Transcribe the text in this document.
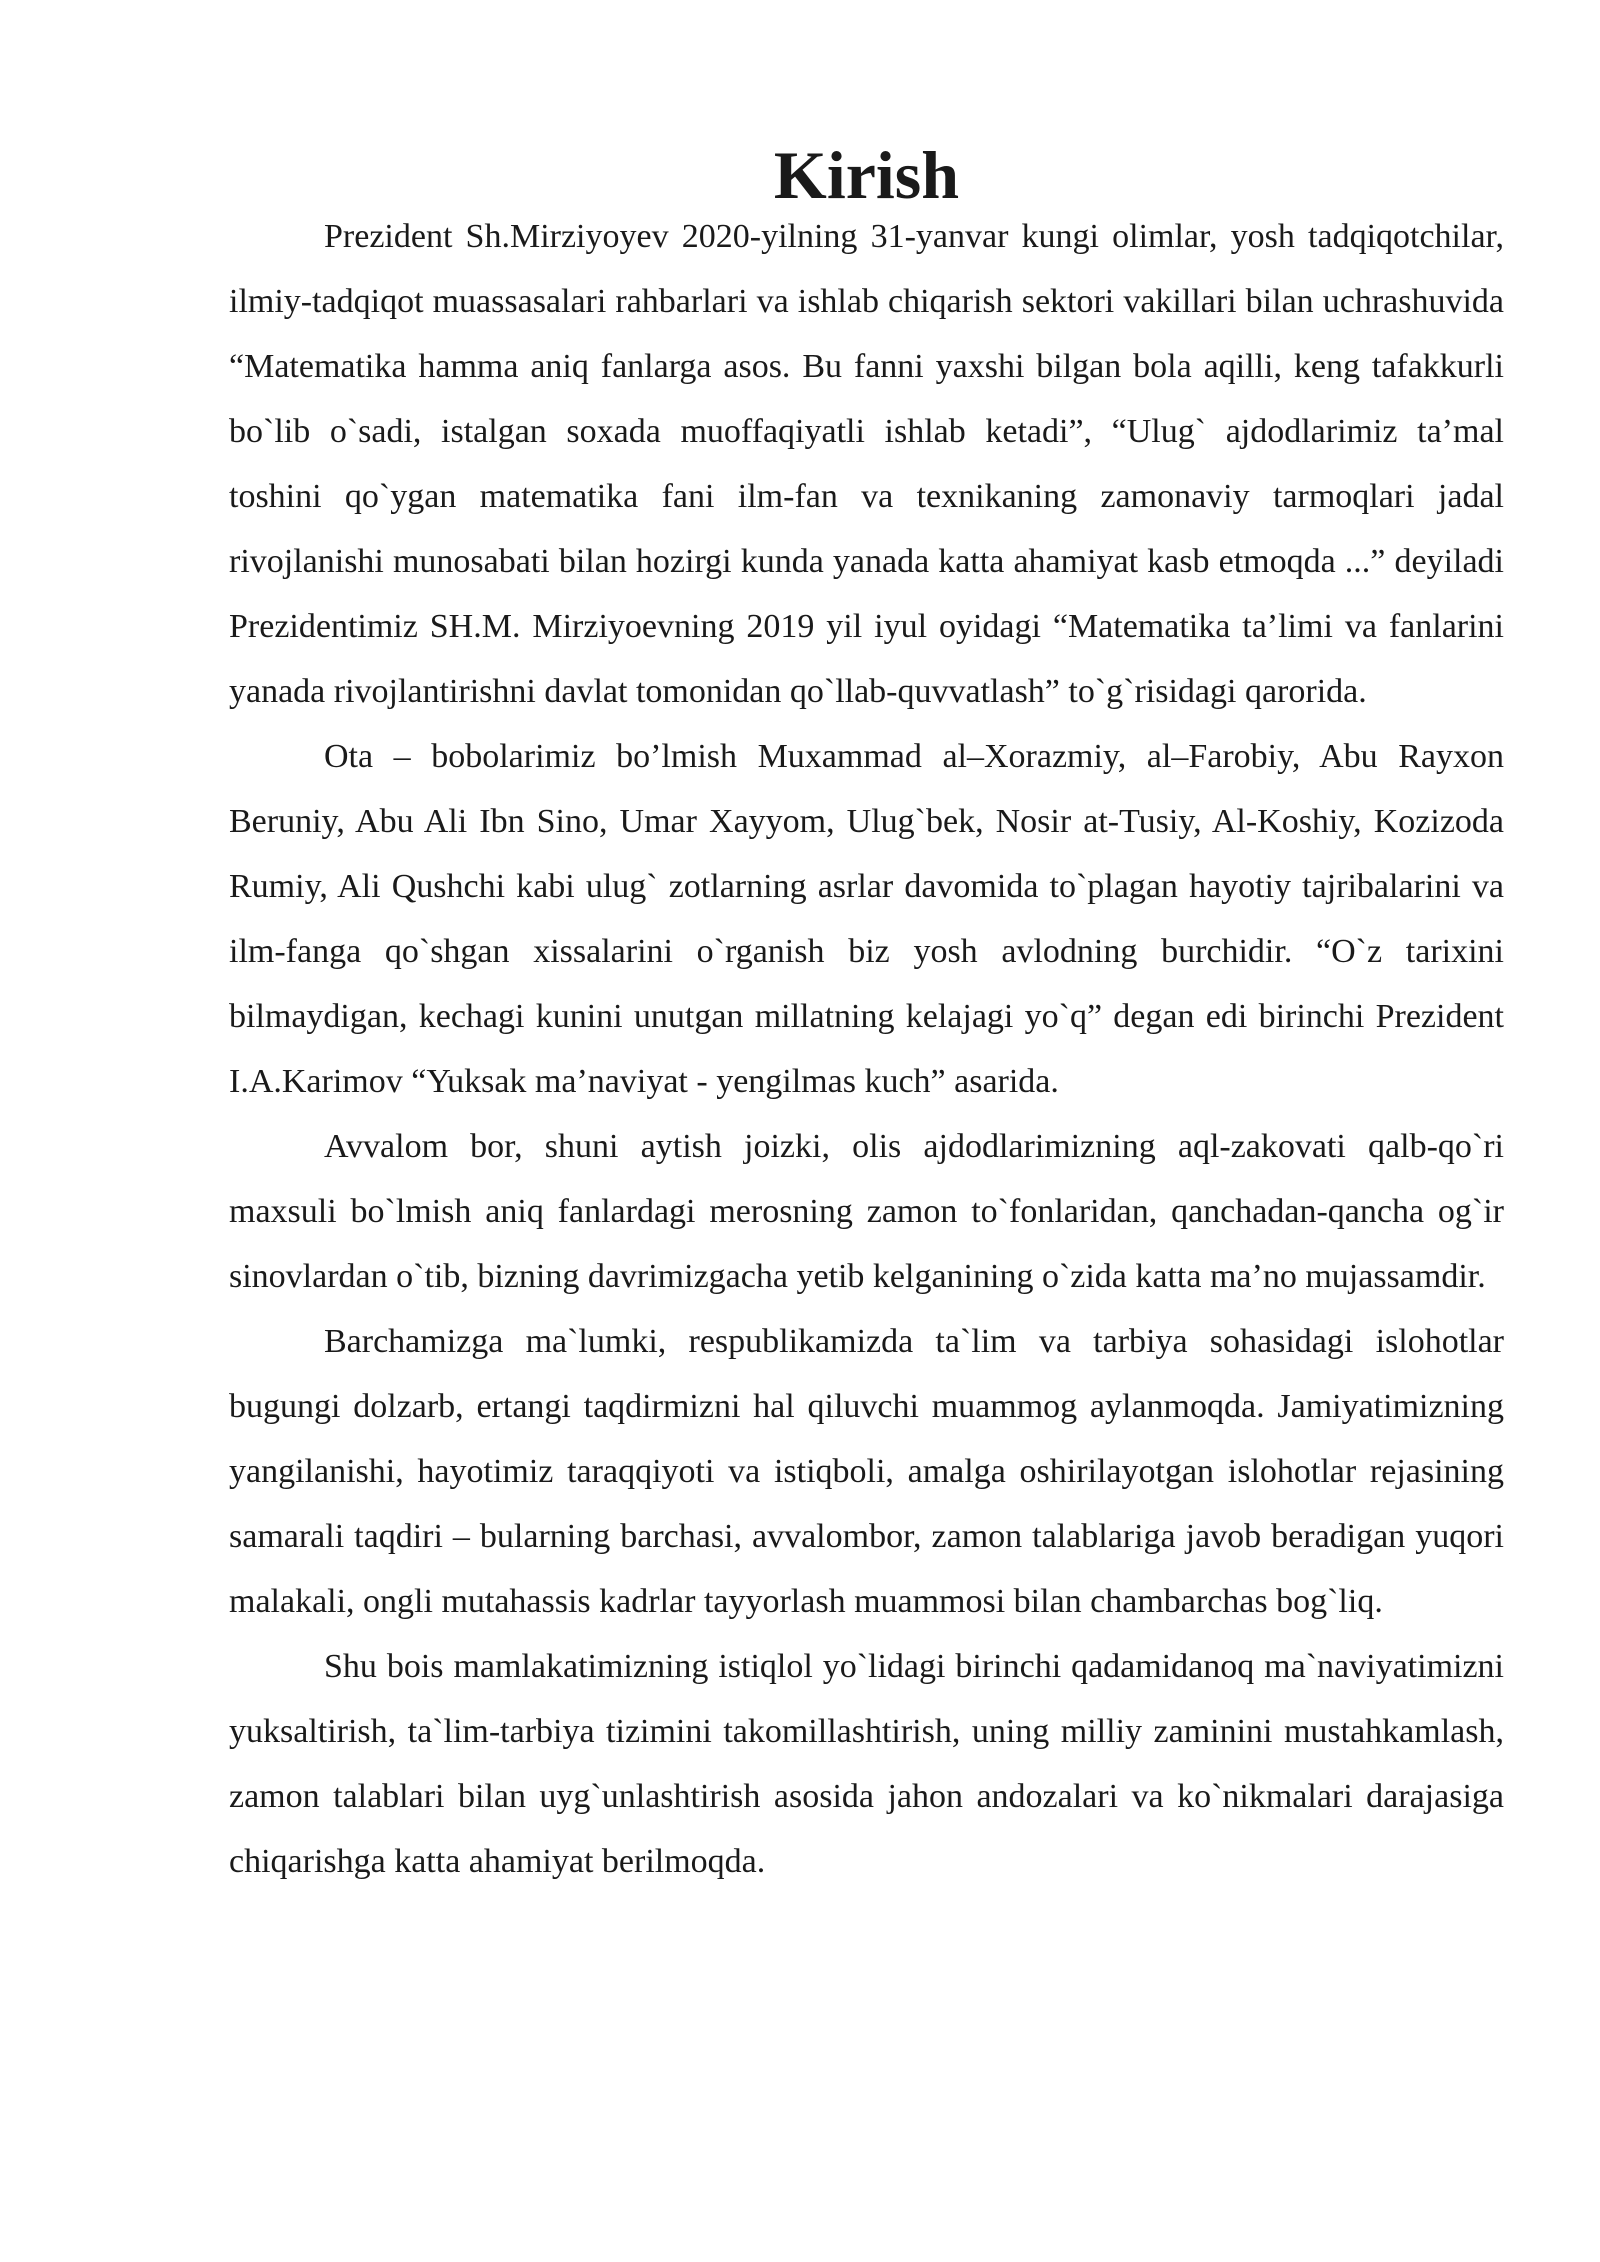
Kirish

Prezident Sh.Mirziyoyev 2020-yilning 31-yanvar kungi olimlar, yosh tadqiqotchilar, ilmiy-tadqiqot muassasalari rahbarlari va ishlab chiqarish sektori vakillari bilan uchrashuvida “Matematika hamma aniq fanlarga asos. Bu fanni yaxshi bilgan bola aqilli, keng tafakkurli bo`lib o`sadi, istalgan soxada muoffaqiyatli ishlab ketadi”, “Ulug` ajdodlarimiz ta’mal toshini qo`ygan matematika fani ilm-fan va texnikaning zamonaviy tarmoqlari jadal rivojlanishi munosabati bilan hozirgi kunda yanada katta ahamiyat kasb etmoqda ...” deyiladi Prezidentimiz SH.M. Mirziyoevning 2019 yil iyul oyidagi “Matematika ta’limi va fanlarini yanada rivojlantirishni davlat tomonidan qo`llab-quvvatlash” to`g`risidagi qarorida.

Ota – bobolarimiz bo’lmish Muxammad al–Xorazmiy, al–Farobiy, Abu Rayxon Beruniy, Abu Ali Ibn Sino, Umar Xayyom, Ulug`bek, Nosir at-Tusiy, Al-Koshiy, Kozizoda Rumiy, Ali Qushchi kabi ulug` zotlarning asrlar davomida to`plagan hayotiy tajribalarini va ilm-fanga qo`shgan xissalarini o`rganish biz yosh avlodning burchidir. “O`z tarixini bilmaydigan, kechagi kunini unutgan millatning kelajagi yo`q” degan edi birinchi Prezident I.A.Karimov “Yuksak ma’naviyat - yengilmas kuch” asarida.

Avvalom bor, shuni aytish joizki, olis ajdodlarimizning aql-zakovati qalb-qo`ri maxsuli bo`lmish aniq fanlardagi merosning zamon to`fonlaridan, qanchadan-qancha og`ir sinovlardan o`tib, bizning davrimizgacha yetib kelganining o`zida katta ma’no mujassamdir.

Barchamizga ma`lumki, respublikamizda ta`lim va tarbiya sohasidagi islohotlar bugungi dolzarb, ertangi taqdirmizni hal qiluvchi muammog aylanmoqda. Jamiyatimizning yangilanishi, hayotimiz taraqqiyoti va istiqboli, amalga oshirilayotgan islohotlar rejasining samarali taqdiri – bularning barchasi, avvalombor, zamon talablariga javob beradigan yuqori malakali, ongli mutahassis kadrlar tayyorlash muammosi bilan chambarchas bog`liq.

Shu bois mamlakatimizning istiqlol yo`lidagi birinchi qadamidanoq ma`naviyatimizni yuksaltirish, ta`lim-tarbiya tizimini takomillashtirish, uning milliy zaminini mustahkamlash, zamon talablari bilan uyg`unlashtirish asosida jahon andozalari va ko`nikmalari darajasiga chiqarishga katta ahamiyat berilmoqda.
